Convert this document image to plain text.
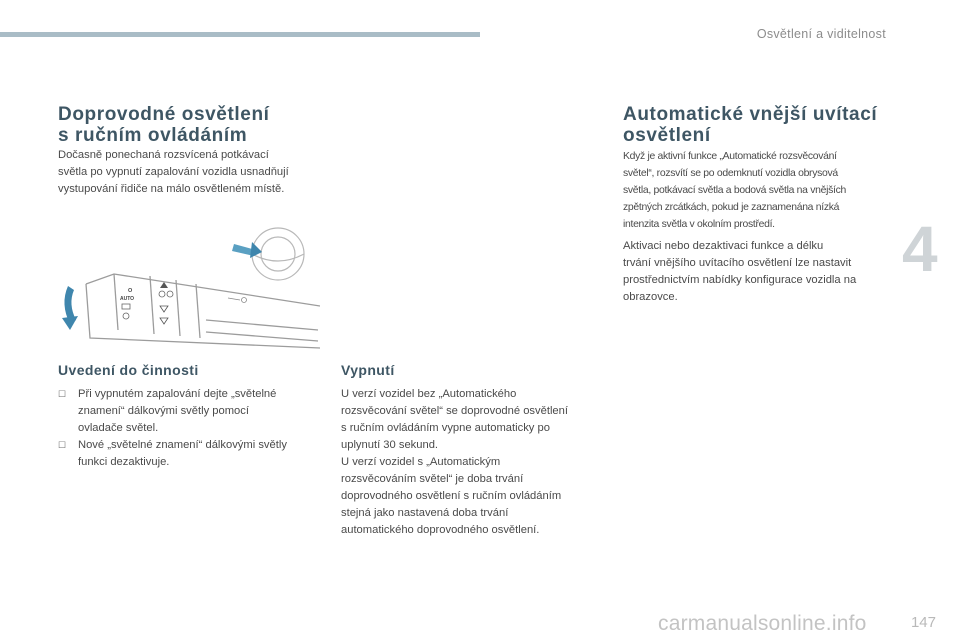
Osvětlení a viditelnost
4
Doprovodné osvětlení
s ručním ovládáním
Dočasně ponechaná rozsvícená potkávací
světla po vypnutí zapalování vozidla usnadňují
vystupování řidiče na málo osvětleném místě.
O
AUTO
Uvedení do činnosti
☐ Při vypnutém zapalování dejte „světelné
znamení“ dálkovými světly pomocí
ovladače světel.
☐ Nové „světelné znamení“ dálkovými světly
funkci dezaktivuje.
Vypnutí
U verzí vozidel bez „Automatického
rozsvěcování světel“ se doprovodné osvětlení
s ručním ovládáním vypne automaticky po
uplynutí 30 sekund.
U verzí vozidel s „Automatickým
rozsvěcováním světel“ je doba trvání
doprovodného osvětlení s ručním ovládáním
stejná jako nastavená doba trvání
automatického doprovodného osvětlení.
Automatické vnější uvítací
osvětlení
Když je aktivní funkce „Automatické rozsvěcování
světel“, rozsvítí se po odemknutí vozidla obrysová
světla, potkávací světla a bodová světla na vnějších
zpětných zrcátkách, pokud je zaznamenána nízká
intenzita světla v okolním prostředí.
Aktivaci nebo dezaktivaci funkce a délku
trvání vnějšího uvítacího osvětlení lze nastavit
prostřednictvím nabídky konfigurace vozidla na
obrazovce.
carmanualsonline.info	147
